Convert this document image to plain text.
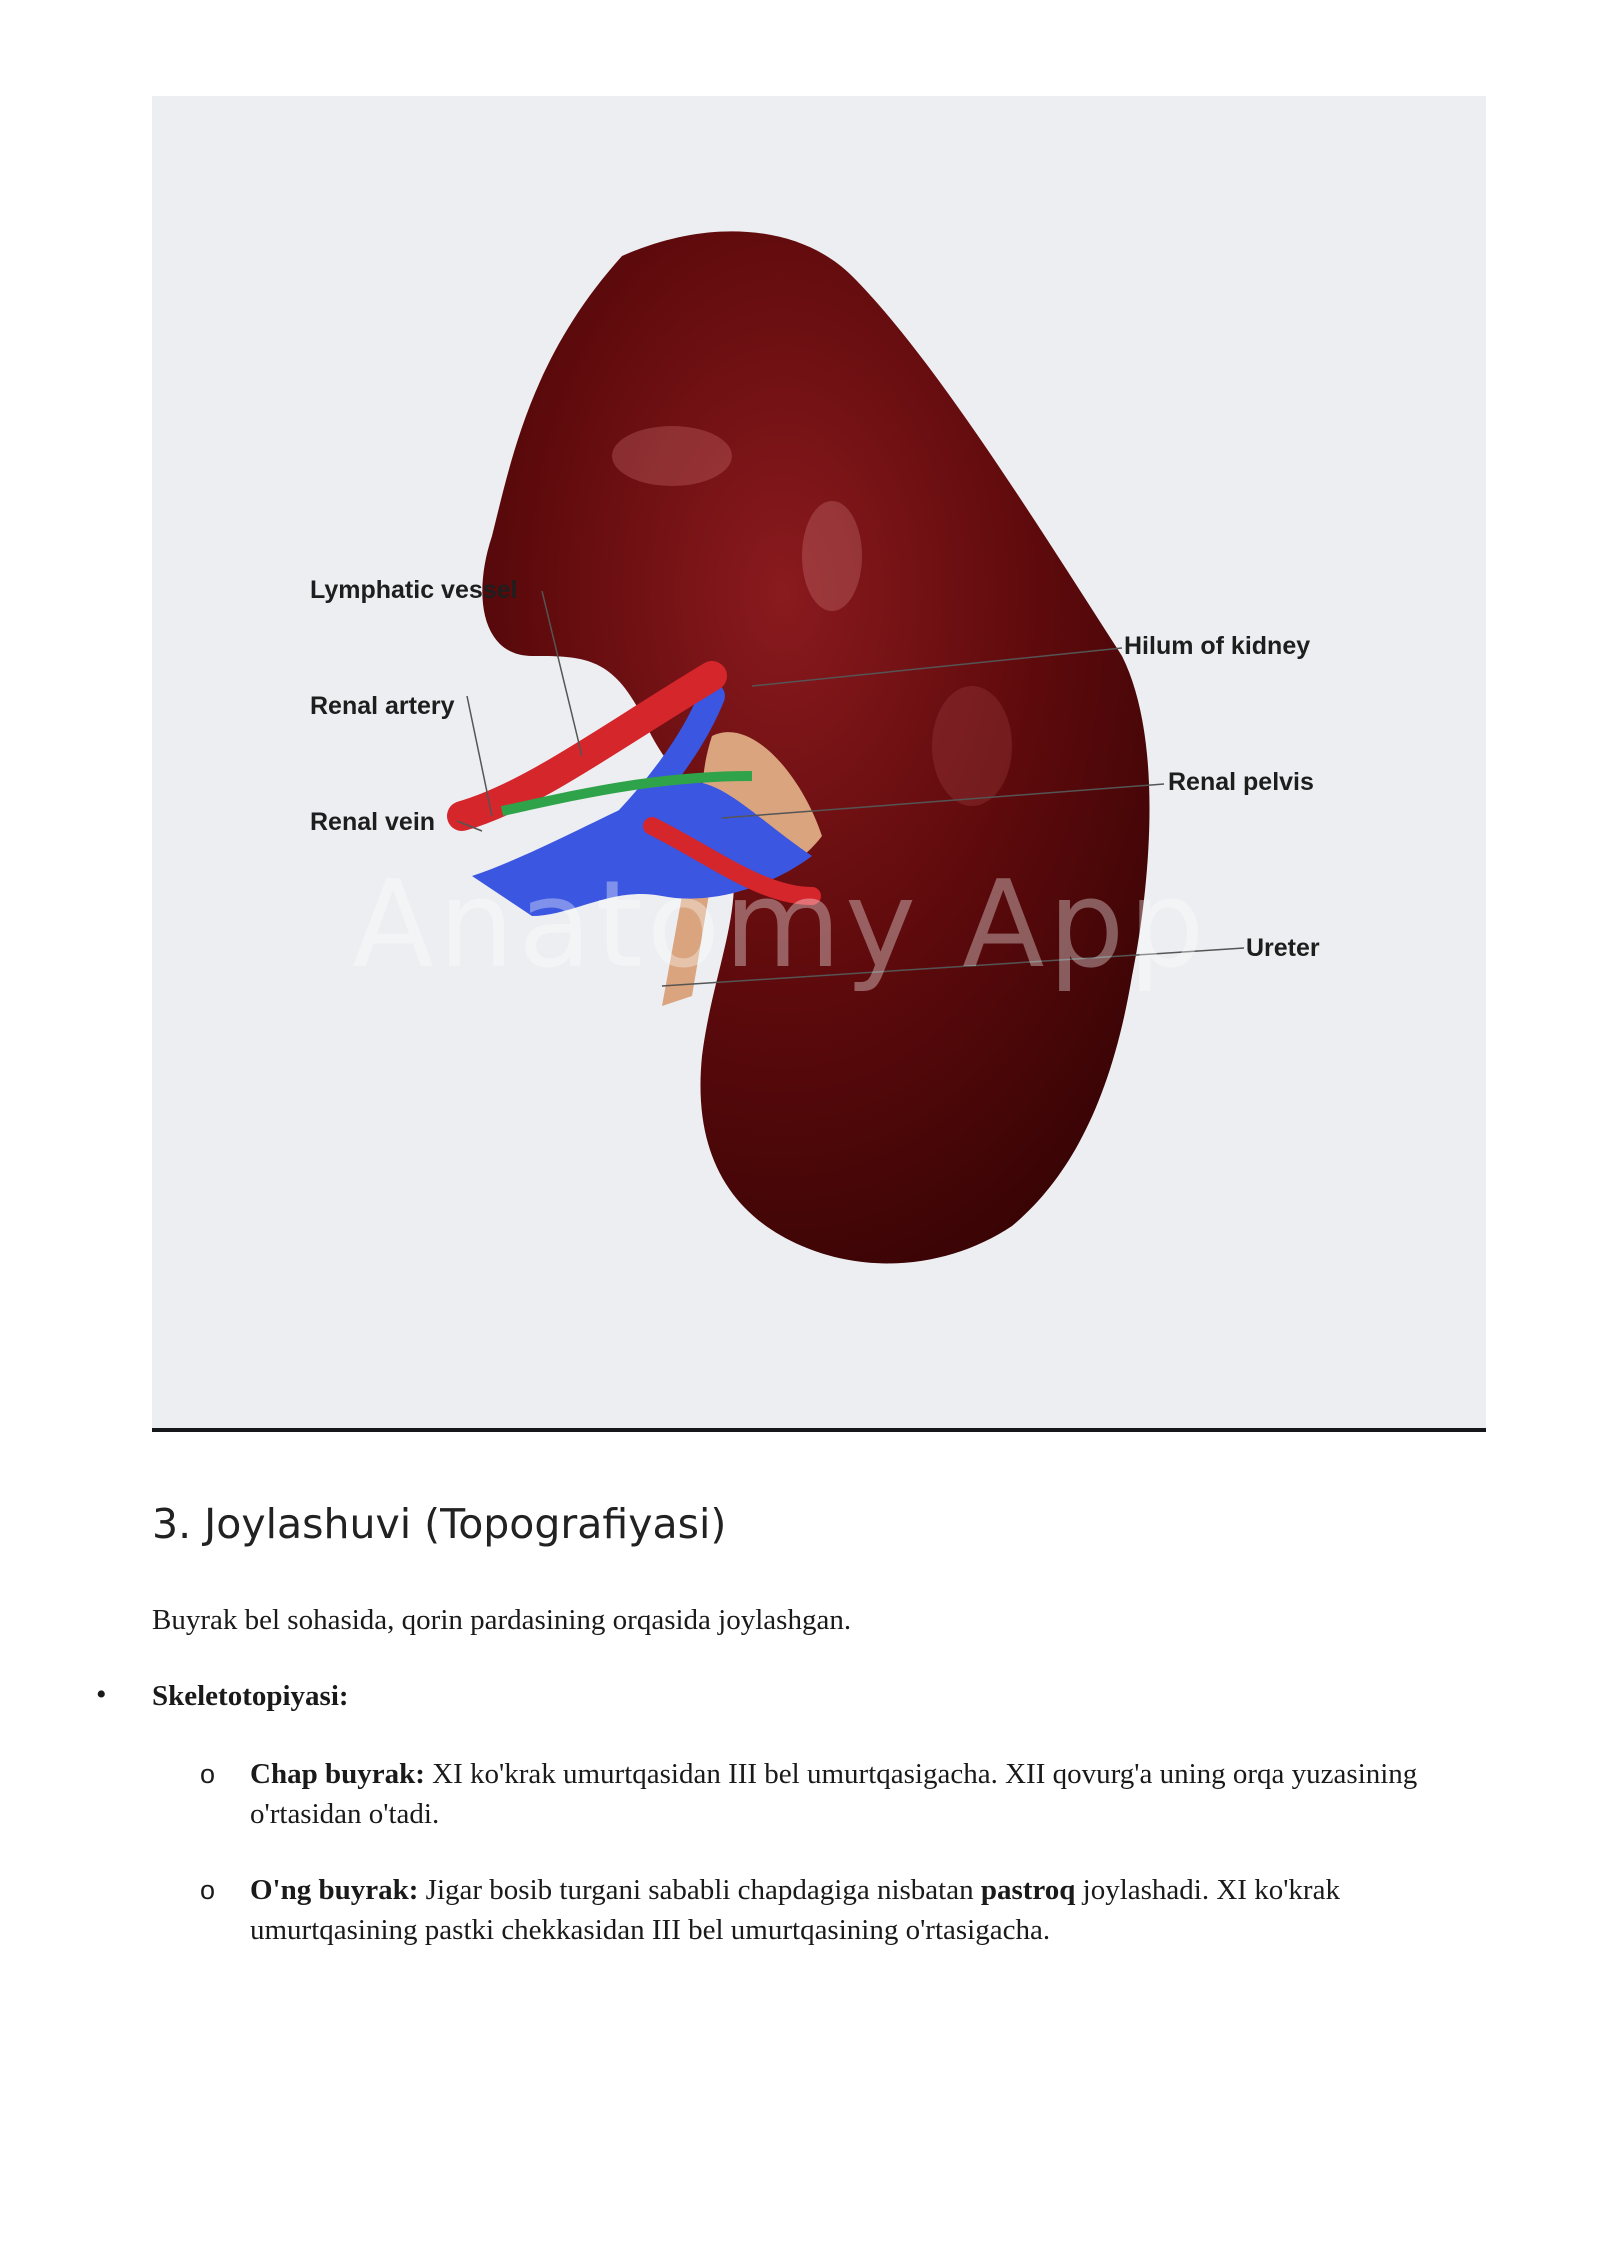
Anatomy App
Lymphatic vessel
Renal artery
Renal vein
Hilum of kidney
Renal pelvis
Ureter
3. Joylashuvi (Topografiyasi)

Buyrak bel sohasida, qorin pardasining orqasida joylashgan.

• Skeletotopiyasi:
o Chap buyrak: XI ko'krak umurtqasidan III bel umurtqasigacha. XII qovurg'a uning orqa yuzasining o'rtasidan o'tadi.
o O'ng buyrak: Jigar bosib turgani sababli chapdagiga nisbatan pastroq joylashadi. XI ko'krak umurtqasining pastki chekkasidan III bel umurtqasining o'rtasigacha.
